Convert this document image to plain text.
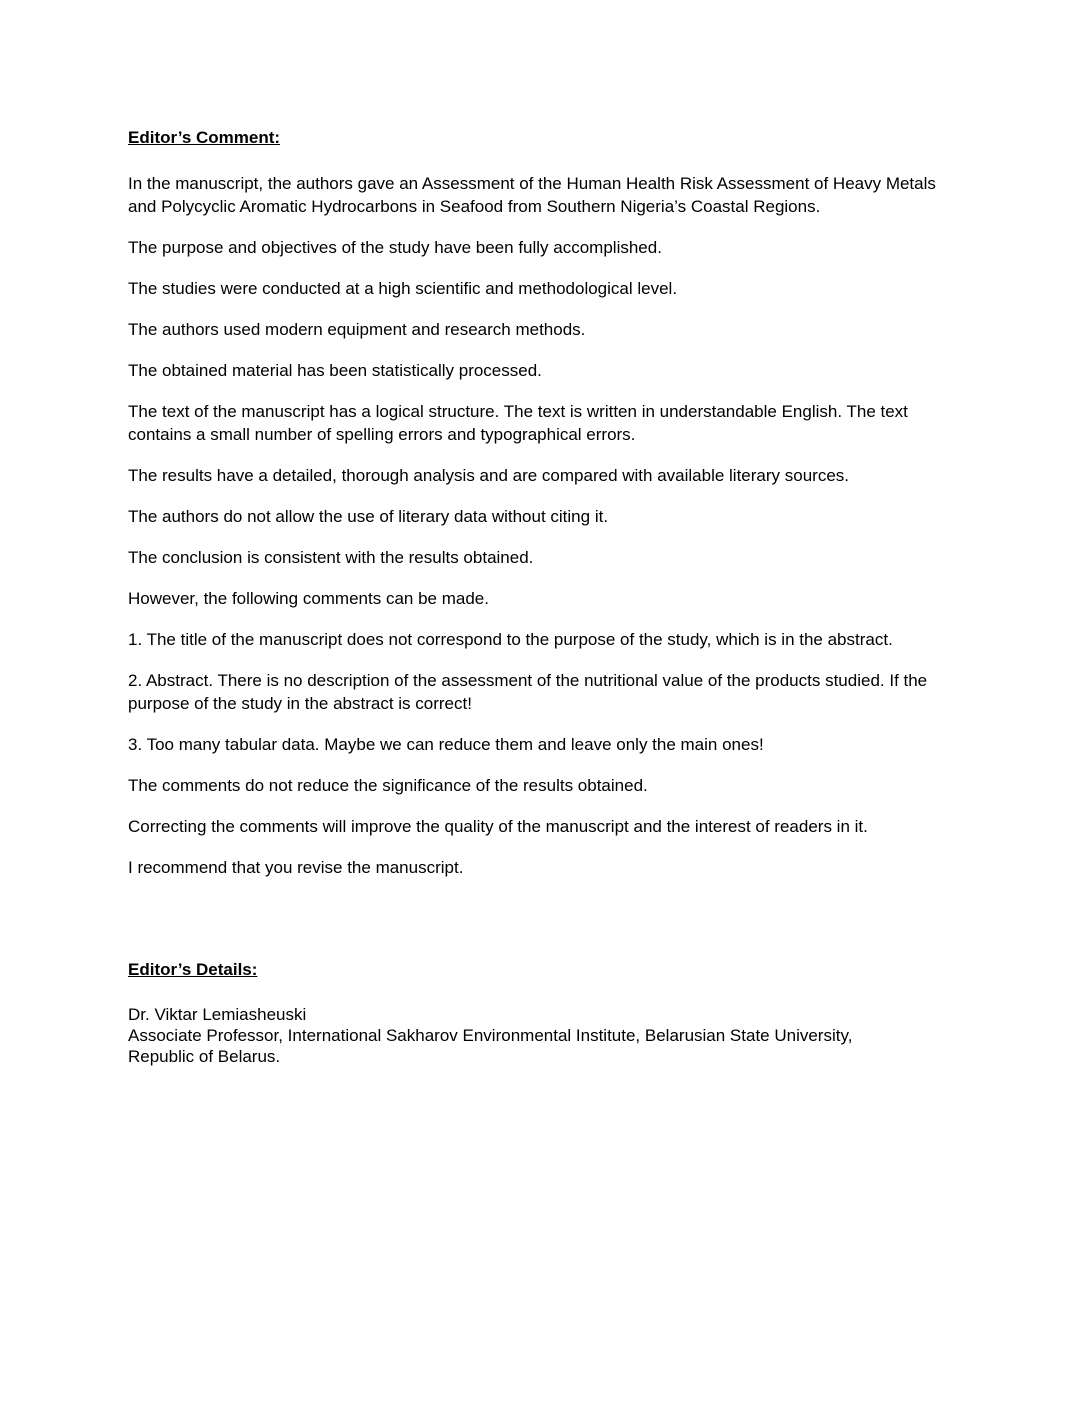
Editor’s Comment:

In the manuscript, the authors gave an Assessment of the Human Health Risk Assessment of Heavy Metals and Polycyclic Aromatic Hydrocarbons in Seafood from Southern Nigeria’s Coastal Regions.

The purpose and objectives of the study have been fully accomplished.

The studies were conducted at a high scientific and methodological level.

The authors used modern equipment and research methods.

The obtained material has been statistically processed.

The text of the manuscript has a logical structure. The text is written in understandable English. The text contains a small number of spelling errors and typographical errors.

The results have a detailed, thorough analysis and are compared with available literary sources.

The authors do not allow the use of literary data without citing it.

The conclusion is consistent with the results obtained.

However, the following comments can be made.

1. The title of the manuscript does not correspond to the purpose of the study, which is in the abstract.

2. Abstract. There is no description of the assessment of the nutritional value of the products studied. If the purpose of the study in the abstract is correct!

3. Too many tabular data. Maybe we can reduce them and leave only the main ones!

The comments do not reduce the significance of the results obtained.

Correcting the comments will improve the quality of the manuscript and the interest of readers in it.

I recommend that you revise the manuscript.

Editor’s Details:
Dr. Viktar Lemiasheuski
Associate Professor, International Sakharov Environmental Institute, Belarusian State University,
Republic of Belarus.
